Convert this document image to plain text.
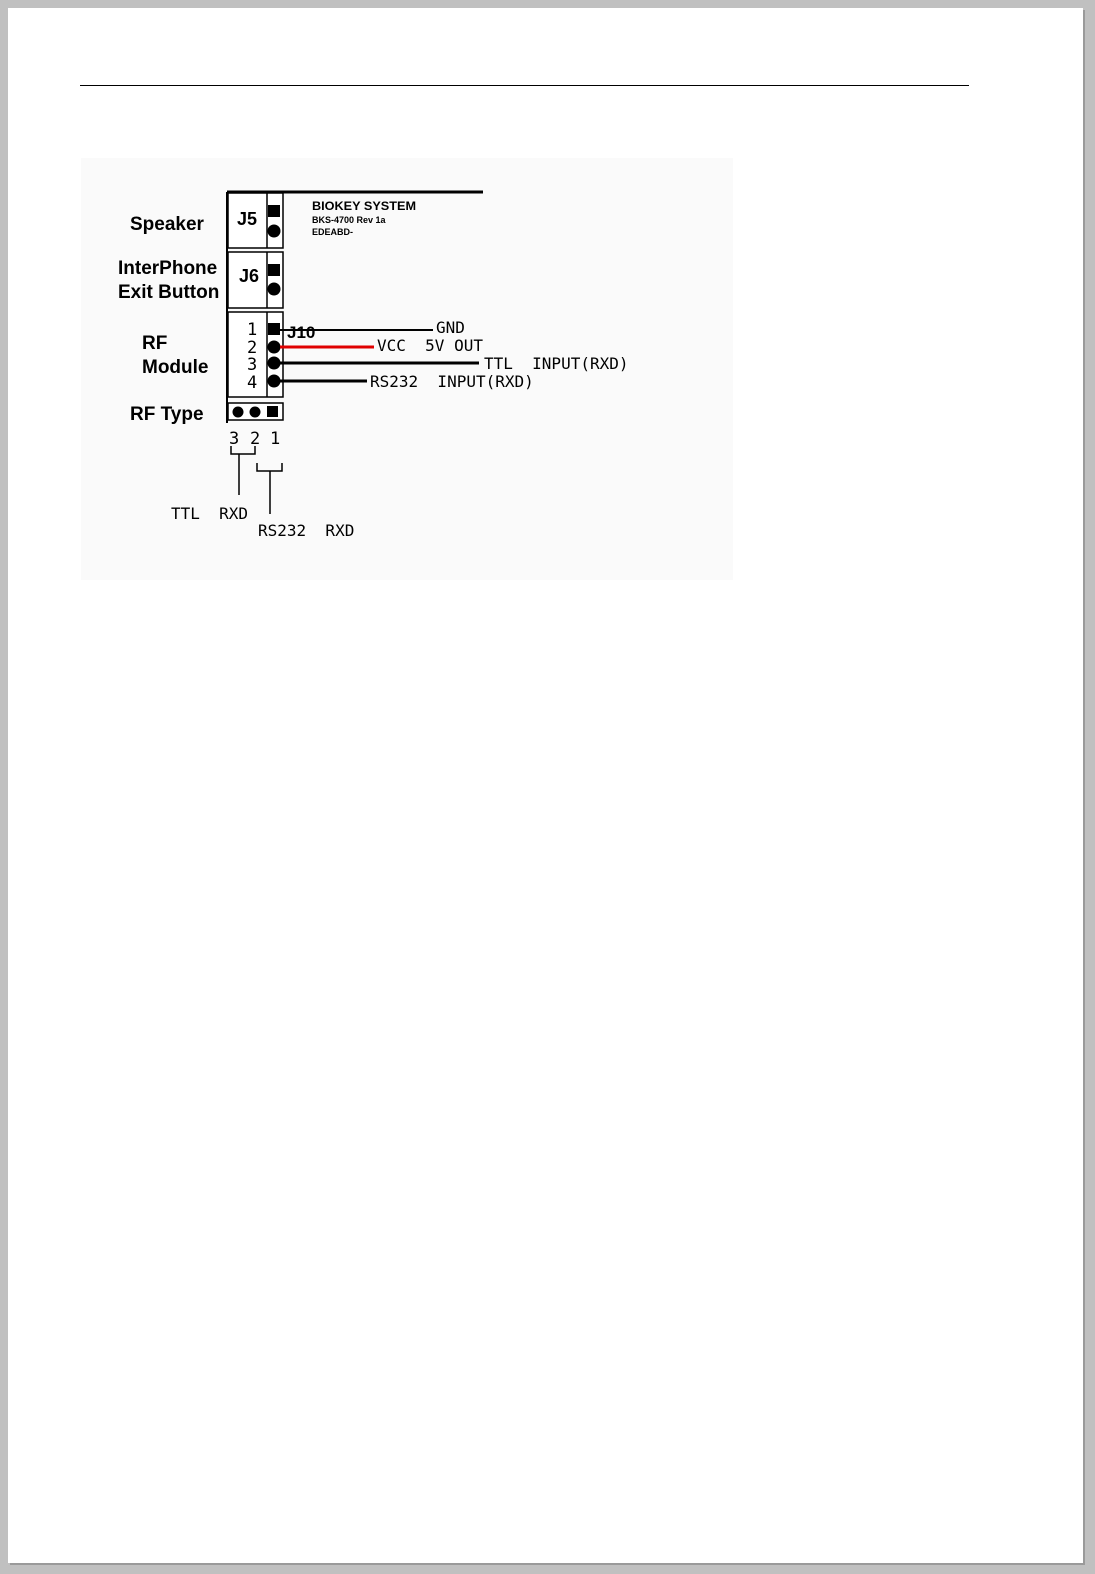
Speaker
InterPhone
Exit Button
RF
Module
RF Type
J5
J6
J10
1
2
3
4
3 2 1
BIOKEY SYSTEM
BKS-4700 Rev 1a
EDEABD-
GND
VCC  5V OUT
TTL  INPUT(RXD)
RS232  INPUT(RXD)
TTL  RXD
RS232  RXD
